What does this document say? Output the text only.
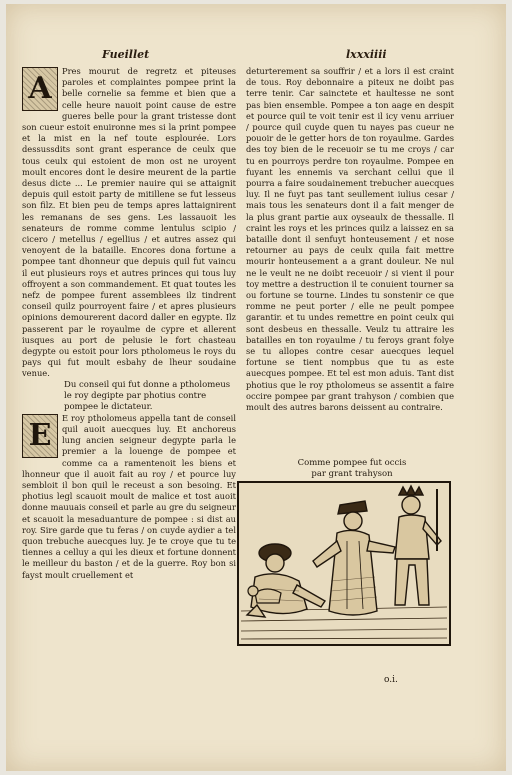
Fueillet	lxxxiiii
A

Pres mourut de regretz et piteuses paroles et complaintes pompee print la belle cornelie sa femme et bien que a celle heure nauoit point cause de estre gueres belle pour la grant tristesse dont son cueur estoit enuironne mes si la print pompee et la mist en la nef toute esplourée. Lors dessussdits sont grant esperance de ceulx que tous ceulx qui estoient de mon ost ne uroyent moult encores dont le desire meurent de la partie desus dicte ... Le premier nauire qui se attaignit depuis quil estoit party de mitillene se fut lesseus son filz. Et bien peu de temps apres lattaignirent les remanans de ses gens. Les lassauoit les senateurs de romme comme lentulus scipio / cicero / metellus / egellius / et autres assez qui venoyent de la bataille. Encores dona fortune a pompee tant dhonneur que depuis quil fut vaincu il eut plusieurs roys et autres princes qui tous luy offroyent a son commandement. Et quat toutes les nefz de pompee furent assemblees ilz tindrent conseil quilz pourroyent faire / et apres plusieurs opinions demourerent dacord daller en egypte. Ilz passerent par le royaulme de cypre et allerent iusques au port de pelusie le fort chasteau degypte ou estoit pour lors ptholomeus le roys du pays qui fut moult esbahy de lheur soudaine venue.

Du conseil qui fut donne a ptholomeus le roy degipte par photius contre pompee le dictateur.

E

E roy ptholomeus appella tant de conseil quil auoit auecques luy. Et anchoreus lung ancien seigneur degypte parla le premier a la louenge de pompee et comme ca a ramentenoit les biens et lhonneur que il auoit fait au roy / et pource luy sembloit il bon quil le receust a son besoing. Et photius legl scauoit moult de malice et tost auoit donne mauuais conseil et parle au gre du seigneur et scauoit la mesaduanture de pompee : si dist au roy. Sire garde que tu feras / on cuyde aydier a tel quon trebuche auecques luy. Je te croye que tu te tiennes a celluy a qui les dieux et fortune donnent le meilleur du baston / et de la guerre. Roy bon si fayst moult cruellement et

deturterement sa souffrir / et a lors il est craint de tous. Roy debonnaire a piteux ne doibt pas terre tenir. Car sainctete et haultesse ne sont pas bien ensemble. Pompee a ton aage en despit et pource quil te voit tenir est il icy venu arriuer / pource quil cuyde quen tu nayes pas cueur ne pouoir de le getter hors de ton royaulme. Gardes des toy bien de le receuoir se tu me croys / car tu en pourroys perdre ton royaulme. Pompee en fuyant les ennemis va serchant cellui que il pourra a faire soudainement trebucher auecques luy. Il ne fuyt pas tant seullement iulius cesar / mais tous les senateurs dont il a fait menger de la plus grant partie aux oyseaulx de thessalle. Il craint les roys et les princes quilz a laissez en sa bataille dont il senfuyt honteusement / et nose retourner au pays de ceulx quila fait mettre mourir honteusement a a grant douleur. Ne nul ne le veult ne ne doibt receuoir / si vient il pour toy mettre a destruction il te conuient tourner sa ou fortune se tourne. Lindes tu sonstenir ce que romme ne peut porter / elle ne peult pompee garantir. et tu undes remettre en point ceulx qui sont desbeus en thessalle. Veulz tu attraire les batailles en ton royaulme / tu feroys grant folye se tu allopes contre cesar auecques lequel fortune se tient nompbus que tu as este auecques pompee. Et tel est mon aduis. Tant dist photius que le roy ptholomeus se assentit a faire occire pompee par grant trahyson / combien que moult des autres barons deissent au contraire.

Comme pompee fut occis
par grant trahyson
o.i.
